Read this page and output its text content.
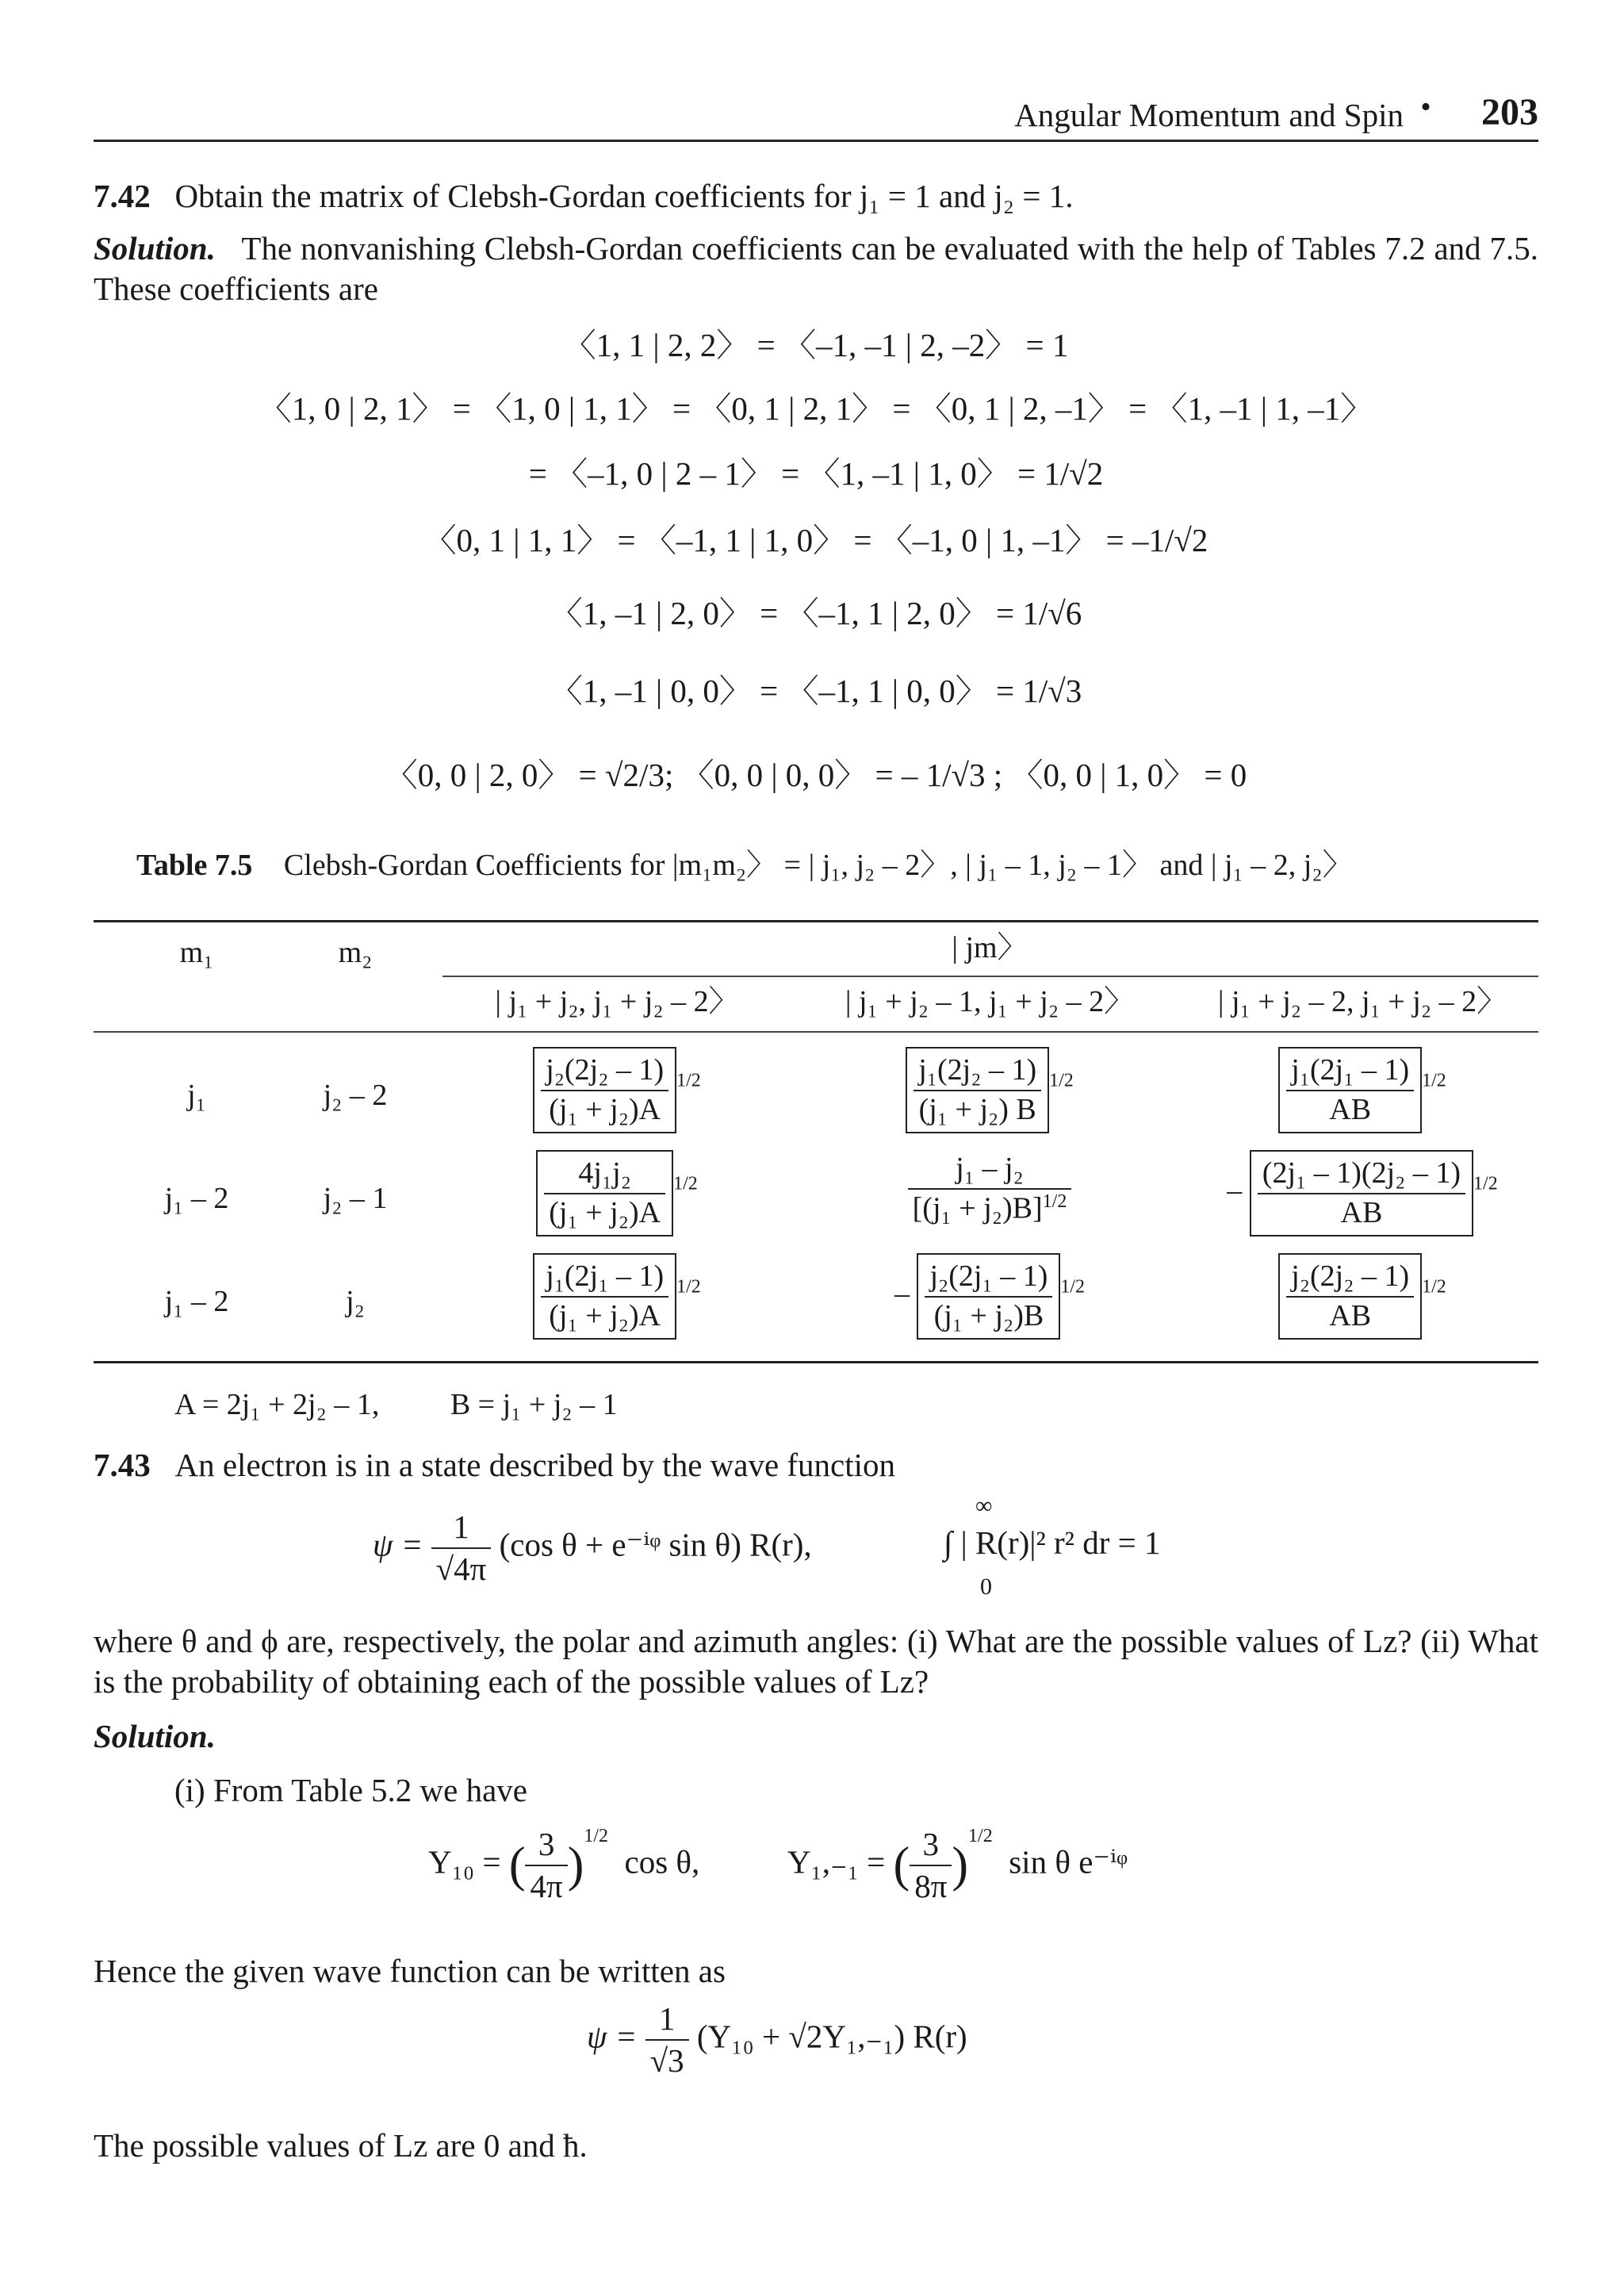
Angular Momentum and Spin •	203
7.42 Obtain the matrix of Clebsh-Gordan coefficients for j₁ = 1 and j₂ = 1.
Solution. The nonvanishing Clebsh-Gordan coefficients can be evaluated with the help of Tables 7.2 and 7.5. These coefficients are
〈1, 1 | 2, 2〉 = 〈–1, –1 | 2, –2〉 = 1
〈1, 0 | 2, 1〉 = 〈1, 0 | 1, 1〉 = 〈0, 1 | 2, 1〉 = 〈0, 1 | 2, –1〉 = 〈1, –1 | 1, –1〉
= 〈–1, 0 | 2 – 1〉 = 〈1, –1 | 1, 0〉 = 1/√2
〈0, 1 | 1, 1〉 = 〈–1, 1 | 1, 0〉 = 〈–1, 0 | 1, –1〉 = –1/√2
〈1, –1 | 2, 0〉 = 〈–1, 1 | 2, 0〉 = 1/√6
〈1, –1 | 0, 0〉 = 〈–1, 1 | 0, 0〉 = 1/√3
〈0, 0 | 2, 0〉 = √2/3; 〈0, 0 | 0, 0〉 = – 1/√3 ; 〈0, 0 | 1, 0〉 = 0
Table 7.5 Clebsh-Gordan Coefficients for |m₁m₂〉 = | j₁, j₂ – 2〉, | j₁ – 1, j₂ – 1〉 and | j₁ – 2, j₂〉
m₁	m₂	| jm〉
| j₁ + j₂, j₁ + j₂ – 2〉	| j₁ + j₂ – 1, j₁ + j₂ – 2〉	| j₁ + j₂ – 2, j₁ + j₂ – 2〉
j₁	j₂ – 2	$\frac{\text{j₂(2j₂ – 1)}}{\text{(j₁ + j₂)A}} ^{1/2}$	$\frac{\text{j₁(2j₂ – 1)}}{\text{(j₁ + j₂) B}} ^{1/2}$	$\frac{\text{j₁(2j₁ – 1)}}{AB} ^{1/2}$
j₁ – 2	j₂ – 1	$\frac{\text{4j₁j₂}}{\text{(j₁ + j₂)A}} ^{1/2}$	$\frac{\text{j₁ – j₂}}{[(j_1 + j_2)B]^{1/2}}$	– $\frac{\text{(2j₁ – 1)(2j₂ – 1)}}{AB} ^{1/2}$
j₁ – 2	j₂	$\frac{\text{j₁(2j₁ – 1)}}{\text{(j₁ + j₂)A}} ^{1/2}$	– $\frac{\text{j₂(2j₁ – 1)}}{\text{(j₁ + j₂)B}} ^{1/2}$	$\frac{\text{j₂(2j₂ – 1)}}{AB} ^{1/2}$
A = 2j₁ + 2j₂ – 1, B = j₁ + j₂ – 1
7.43 An electron is in a state described by the wave function
$\psi = \frac{1}{√4\pi} (\cos$ θ + e⁻ⁱᵠ sin θ) R(r),
∞
∫ | R(r)|² r² dr = 1
0
where θ and ϕ are, respectively, the polar and azimuth angles: (i) What are the possible values of Lz? (ii) What is the probability of obtaining each of the possible values of Lz?
Solution.
(i) From Table 5.2 we have
Y₁₀ = ( $\frac{3}{4\pi} )^{1/2}$  cos θ,	Y₁,₋₁ = ( $\frac{3}{8\pi} )^{1/2}$  sin θ e⁻ⁱᵠ
Hence the given wave function can be written as
$\psi = \frac{1}{√3} (Y_{10} + √2Y_1,_{-1})$ R(r)
The possible values of Lz are 0 and ħ.
